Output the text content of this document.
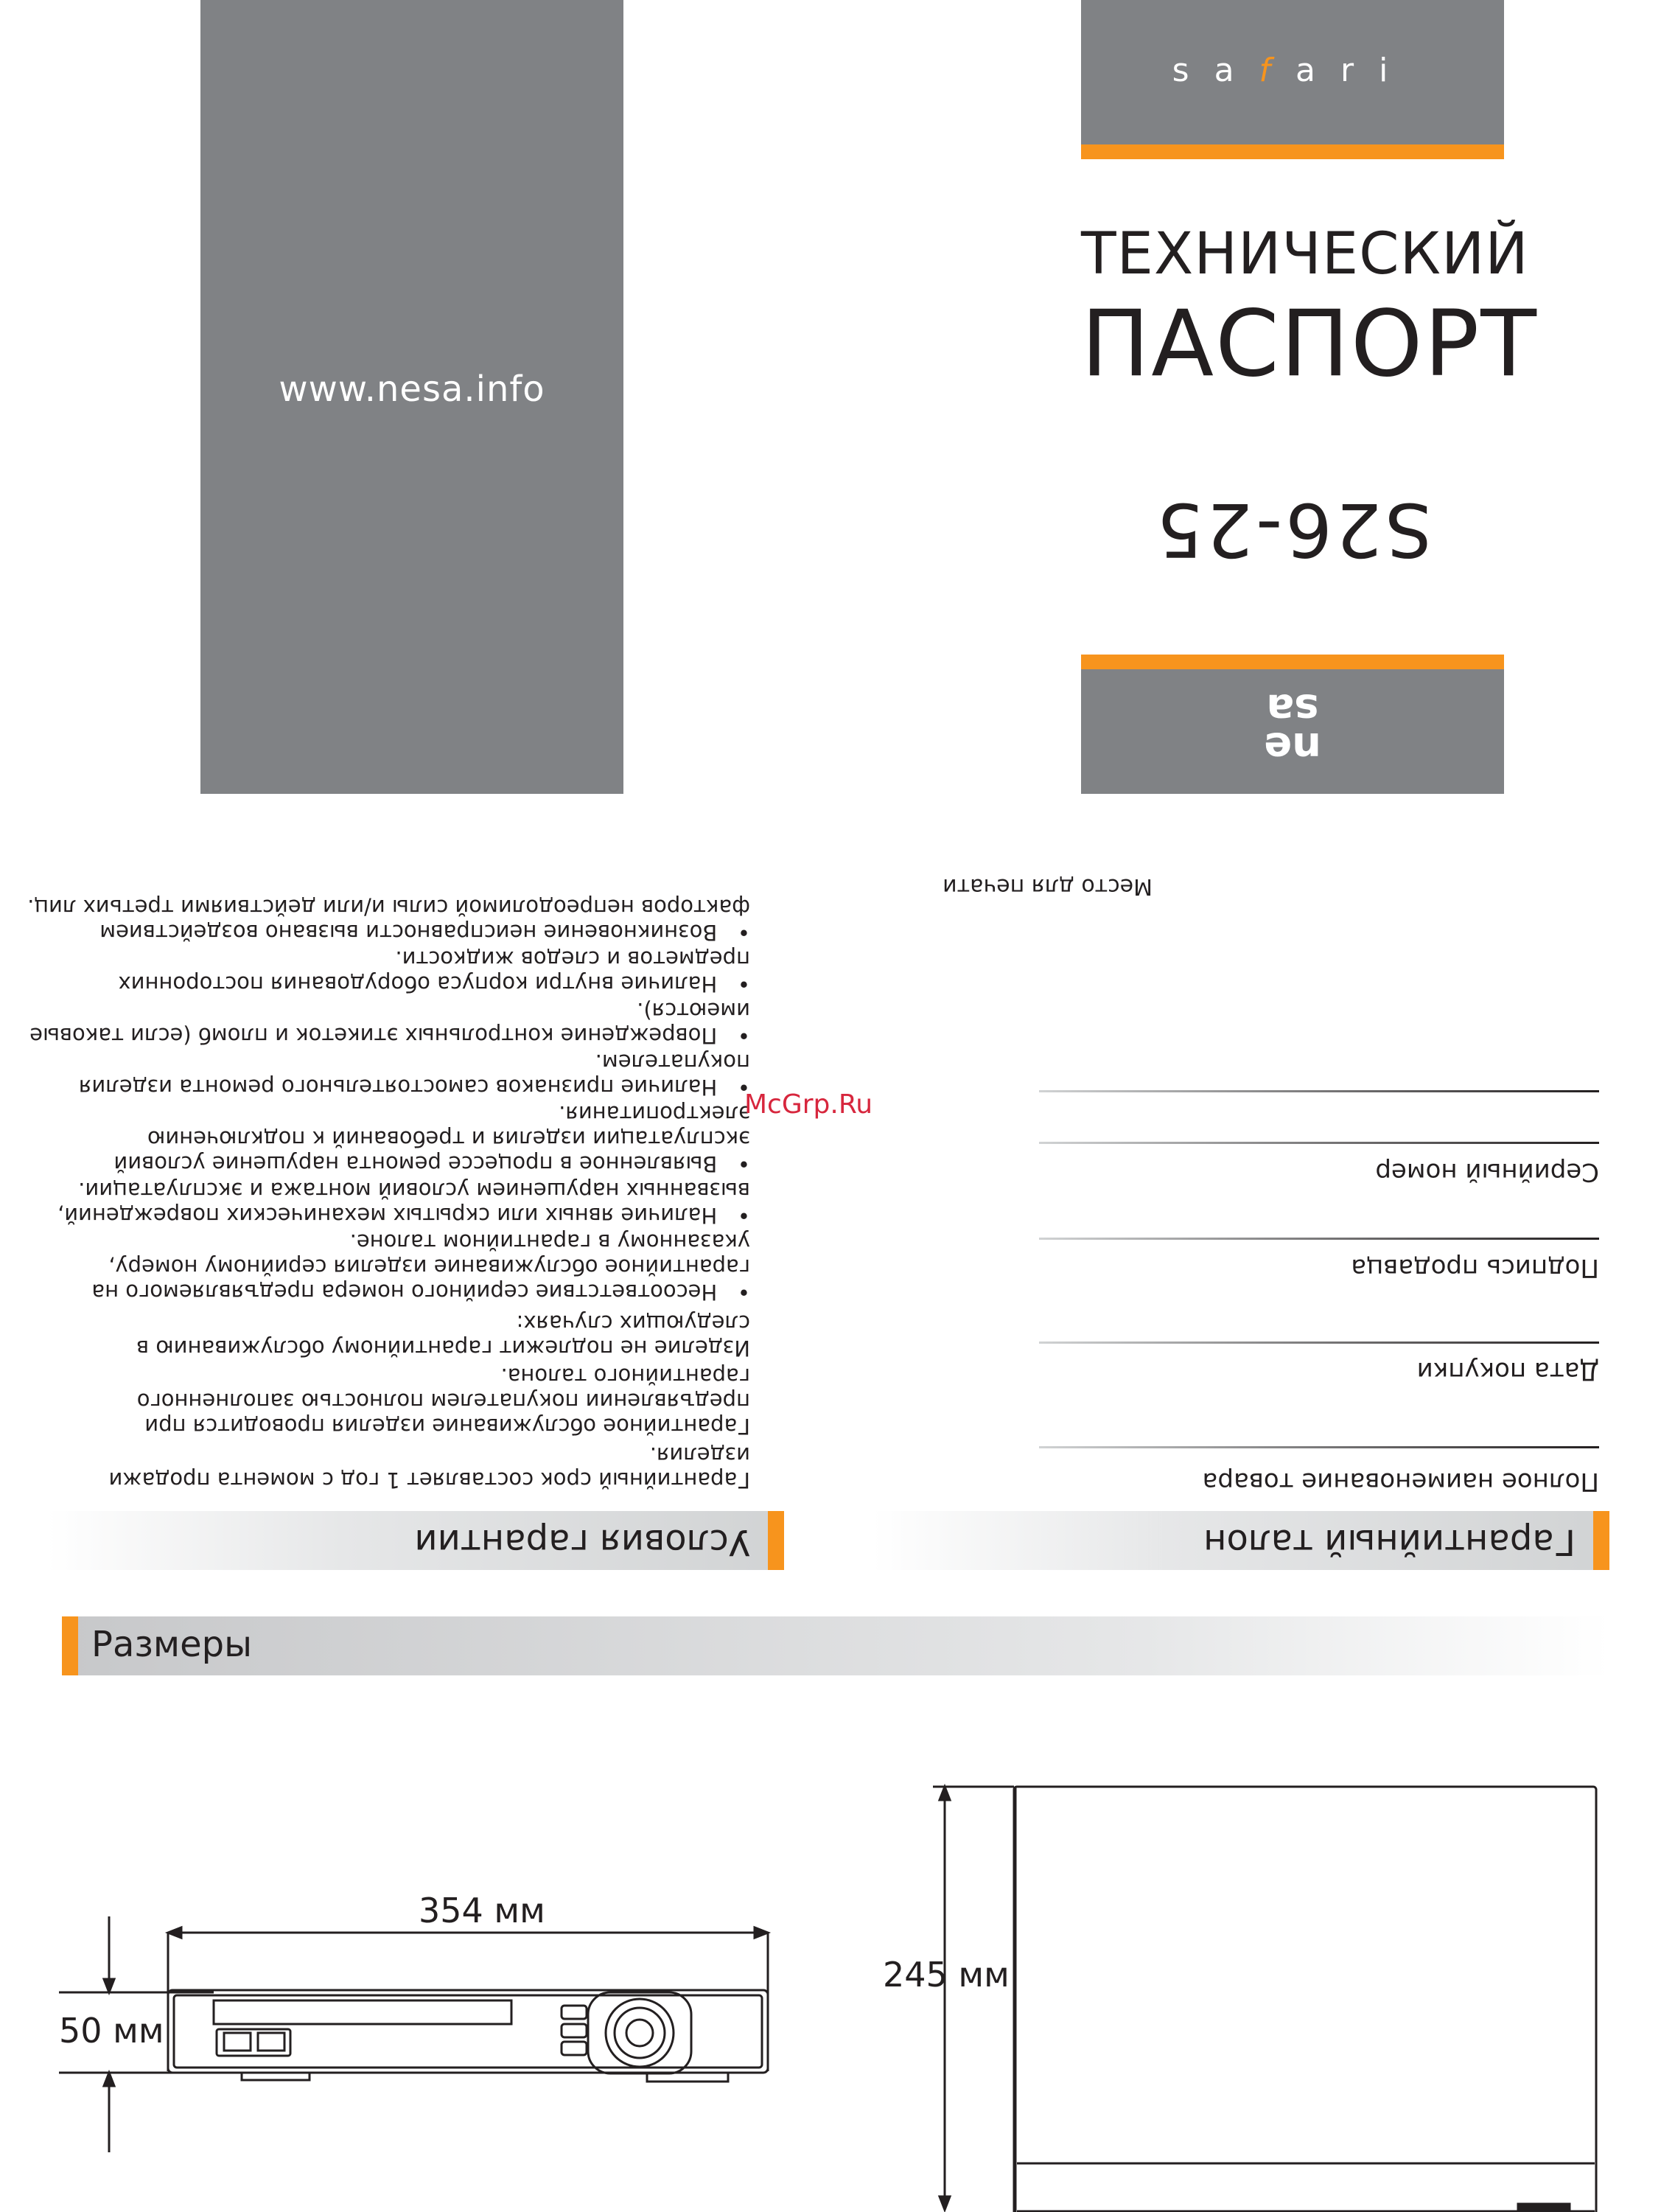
www.nesa.info
safari
ТЕХНИЧЕСКИЙ
ПАСПОРТ
S26-25
ne
sa
Гарантийный талон
Полное наименование товара
Дата покупки
Подпись продавца
Серийный номер
Место для печати
Условия гарантии
Гарантийный срок составляет 1 год с момента продажи
изделия.
Гарантийное обслуживание изделия проводится при
предъявлении покупателем полностью заполненного
гарантийного талона.
Изделие не подлежит гарантийному обслуживанию в
следующих случаях:
•   Несоответствие серийного номера предъявляемого на
гарантийное обслуживание изделия серийному номеру,
указанному в гарантийном талоне.
•   Наличие явных или скрытых механических повреждений,
вызванных нарушением условий монтажа и эксплуатации.
•   Выявленное в процессе ремонта нарушение условий
эксплуатации изделия и требований к подключению
электропитания.
•   Наличие признаков самостоятельного ремонта изделия
покупателем.
•   Повреждение контрольных этикеток и пломб (если таковые
имеются).
•   Наличие внутри корпуса оборудования посторонних
предметов и следов жидкости.
•   Возникновение неисправности вызвано воздействием
факторов непреодолимой силы и/или действиями третьих лиц.
McGrp.Ru
Размеры
354 мм
50 мм
245 мм
